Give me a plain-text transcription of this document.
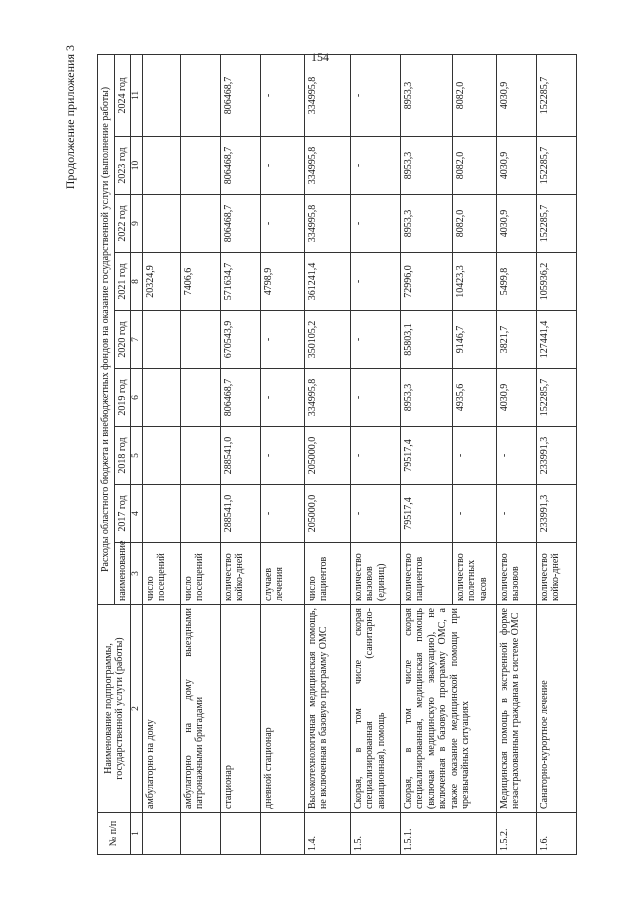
154
Продолжение приложения 3
№ п/п	Наименование подпрограммы, государственной услуги (работы)	Расходы областного бюджета и внебюджетных фондов на оказание государственной услуги (выполнение работы)								
		наименование	2017 год	2018 год	2019 год	2020 год	2021 год	2022 год	2023 год	2024 год

1	2	3	4	5	6	7	8	9	10	11
	амбулаторно на дому	число посещений					20324,9			
	амбулаторно на дому выездными патронажными бригадами	число посещений					7406,6			
	стационар	количество койко-дней	288541,0	288541,0	806468,7	670543,9	571634,7	806468,7	806468,7	806468,7
	дневной стационар	случаев лечения	-	-	-	-	4798,9	-	-	-
1.4.	Высокотехнологичная медицинская помощь, не включенная в базовую программу ОМС	число пациентов	205000,0	205000,0	334995,8	350105,2	361241,4	334995,8	334995,8	334995,8
1.5.	Скорая, в том числе скорая специализированная (санитарно-авиационная), помощь	количество вызовов (единиц)	-	-	-	-	-	-	-	-
1.5.1.	Скорая, в том числе скорая специализированная, медицинская помощь (включая медицинскую эвакуацию), не включенная в базовую программу ОМС, а также оказание медицинской помощи при чрезвычайных ситуациях	количество пациентов	79517,4	79517,4	8953,3	85803,1	72996,0	8953,3	8953,3	8953,3
		количество полетных часов	-	-	4935,6	9146,7	10423,3	8082,0	8082,0	8082,0
1.5.2.	Медицинская помощь в экстренной форме незастрахованным гражданам в системе ОМС	количество вызовов	-	-	4030,9	3821,7	5499,8	4030,9	4030,9	4030,9
1.6.	Санаторно-курортное лечение	количество койко-дней	233991,3	233991,3	152285,7	127441,4	105936,2	152285,7	152285,7	152285,7
